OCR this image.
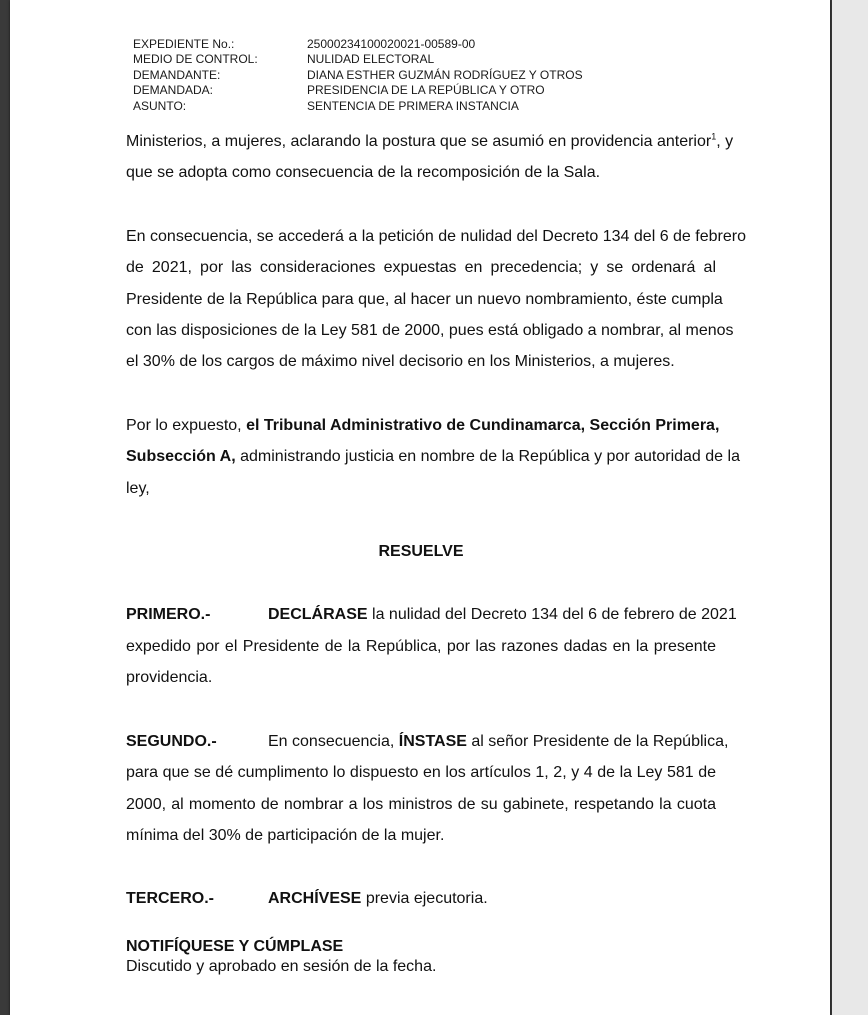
EXPEDIENTE No.:	25000234100020021-00589-00
MEDIO DE CONTROL:	NULIDAD ELECTORAL
DEMANDANTE:	DIANA ESTHER GUZMÁN RODRÍGUEZ Y OTROS
DEMANDADA:	PRESIDENCIA DE LA REPÚBLICA Y OTRO
ASUNTO:	SENTENCIA DE PRIMERA INSTANCIA
Ministerios, a mujeres, aclarando la postura que se asumió en providencia anterior$^1$, y
que se adopta como consecuencia de la recomposición de la Sala.
En consecuencia, se accederá a la petición de nulidad del Decreto 134 del 6 de febrero
de 2021, por las consideraciones expuestas en precedencia; y se ordenará al
Presidente de la República para que, al hacer un nuevo nombramiento, éste cumpla
con las disposiciones de la Ley 581 de 2000, pues está obligado a nombrar, al menos
el 30% de los cargos de máximo nivel decisorio en los Ministerios, a mujeres.
Por lo expuesto, el Tribunal Administrativo de Cundinamarca, Sección Primera,
Subsección A, administrando justicia en nombre de la República y por autoridad de la
ley,
RESUELVE
PRIMERO.-	DECLÁRASE la nulidad del Decreto 134 del 6 de febrero de 2021
expedido por el Presidente de la República, por las razones dadas en la presente
providencia.
SEGUNDO.-	En consecuencia, ÍNSTASE al señor Presidente de la República,
para que se dé cumplimento lo dispuesto en los artículos 1, 2, y 4 de la Ley 581 de
2000, al momento de nombrar a los ministros de su gabinete, respetando la cuota
mínima del 30% de participación de la mujer.
TERCERO.-	ARCHÍVESE previa ejecutoria.
NOTIFÍQUESE Y CÚMPLASE
Discutido y aprobado en sesión de la fecha.
